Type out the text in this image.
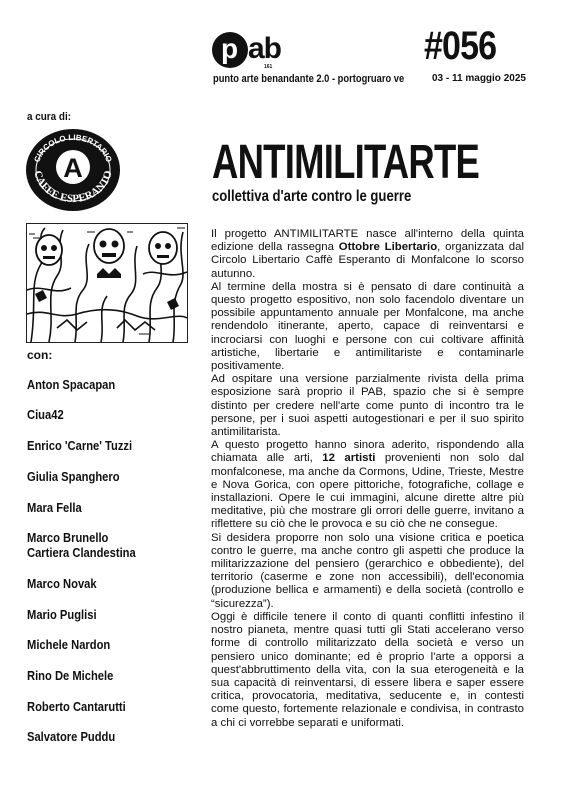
p ab
161	#056
punto arte benandante 2.0 - portogruaro ve	03 - 11 maggio 2025
a cura di:
CIRCOLO LIBERTARIO
CAFFE ESPERANTO
A
con:
Anton Spacapan
Ciua42
Enrico 'Carne' Tuzzi
Giulia Spanghero
Mara Fella
Marco Brunello
Cartiera Clandestina
Marco Novak
Mario Puglisi
Michele Nardon
Rino De Michele
Roberto Cantarutti
Salvatore Puddu
ANTIMILITARTE
collettiva d'arte contro le guerre

Il progetto ANTIMILITARTE nasce all'interno della quinta edizione della rassegna Ottobre Libertario, organizzata dal Circolo Libertario Caffè Esperanto di Monfalcone lo scorso autunno.

Al termine della mostra si è pensato di dare continuità a questo progetto espositivo, non solo facendolo diventare un possibile appuntamento annuale per Monfalcone, ma anche rendendolo itinerante, aperto, capace di reinventarsi e incrociarsi con luoghi e persone con cui coltivare affinità artistiche, libertarie e antimilitariste e contaminarle positivamente.

Ad ospitare una versione parzialmente rivista della prima esposizione sarà proprio il PAB, spazio che si è sempre distinto per credere nell'arte come punto di incontro tra le persone, per i suoi aspetti autogestionari e per il suo spirito antimilitarista.

A questo progetto hanno sinora aderito, rispondendo alla chiamata alle arti, 12 artisti provenienti non solo dal monfalconese, ma anche da Cormons, Udine, Trieste, Mestre e Nova Gorica, con opere pittoriche, fotografiche, collage e installazioni. Opere le cui immagini, alcune dirette altre più meditative, più che mostrare gli orrori delle guerre, invitano a riflettere su ciò che le provoca e su ciò che ne consegue.

Si desidera proporre non solo una visione critica e poetica contro le guerre, ma anche contro gli aspetti che produce la militarizzazione del pensiero (gerarchico e obbediente), del territorio (caserme e zone non accessibili), dell'economia (produzione bellica e armamenti) e della società (controllo e “sicurezza”).

Oggi è difficile tenere il conto di quanti conflitti infestino il nostro pianeta, mentre quasi tutti gli Stati accelerano verso forme di controllo militarizzato della società e verso un pensiero unico dominante; ed è proprio l'arte a opporsi a quest'abbruttimento della vita, con la sua eterogeneità e la sua capacità di reinventarsi, di essere libera e saper essere critica, provocatoria, meditativa, seducente e, in contesti come questo, fortemente relazionale e condivisa, in contrasto a chi ci vorrebbe separati e uniformati.
